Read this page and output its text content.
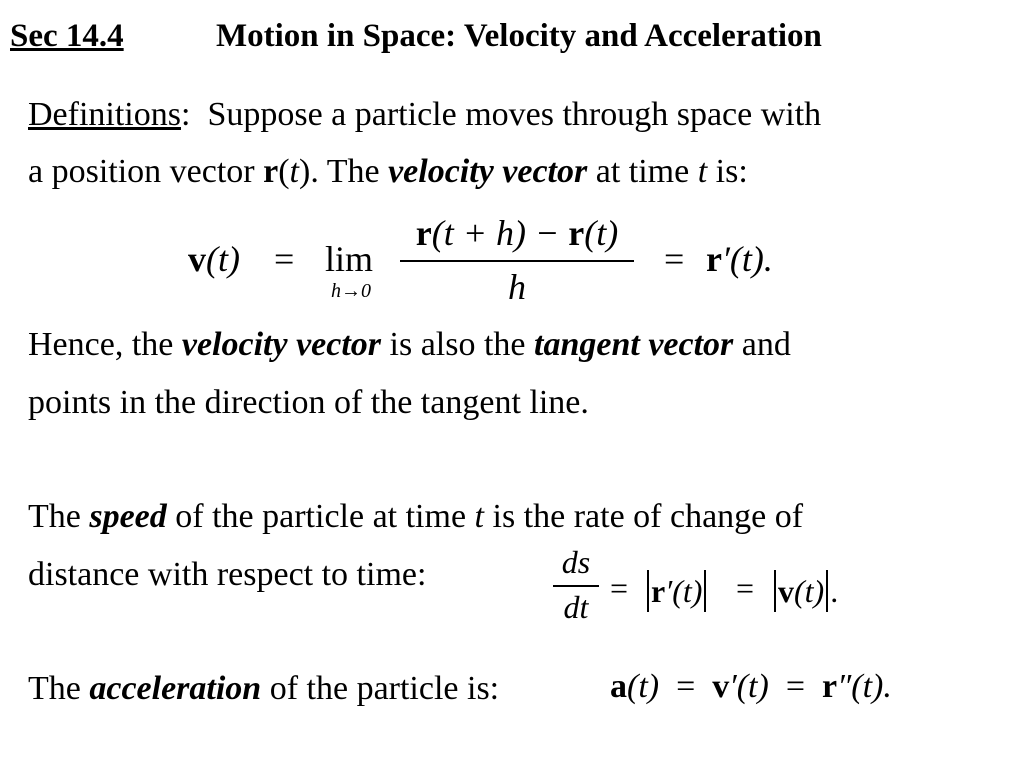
Sec 14.4	Motion in Space: Velocity and Acceleration
Definitions: Suppose a particle moves through space with
a position vector r(t). The velocity vector at time t is:
v(t) = lim
h→0
r(t + h) − r(t)
h
= r′(t).
Hence, the velocity vector is also the tangent vector and
points in the direction of the tangent line.
The speed of the particle at time t is the rate of change of
distance with respect to time:	ds
dt
= r′(t) = v(t) .
The acceleration of the particle is:	a(t) = v′(t) = r″(t).
